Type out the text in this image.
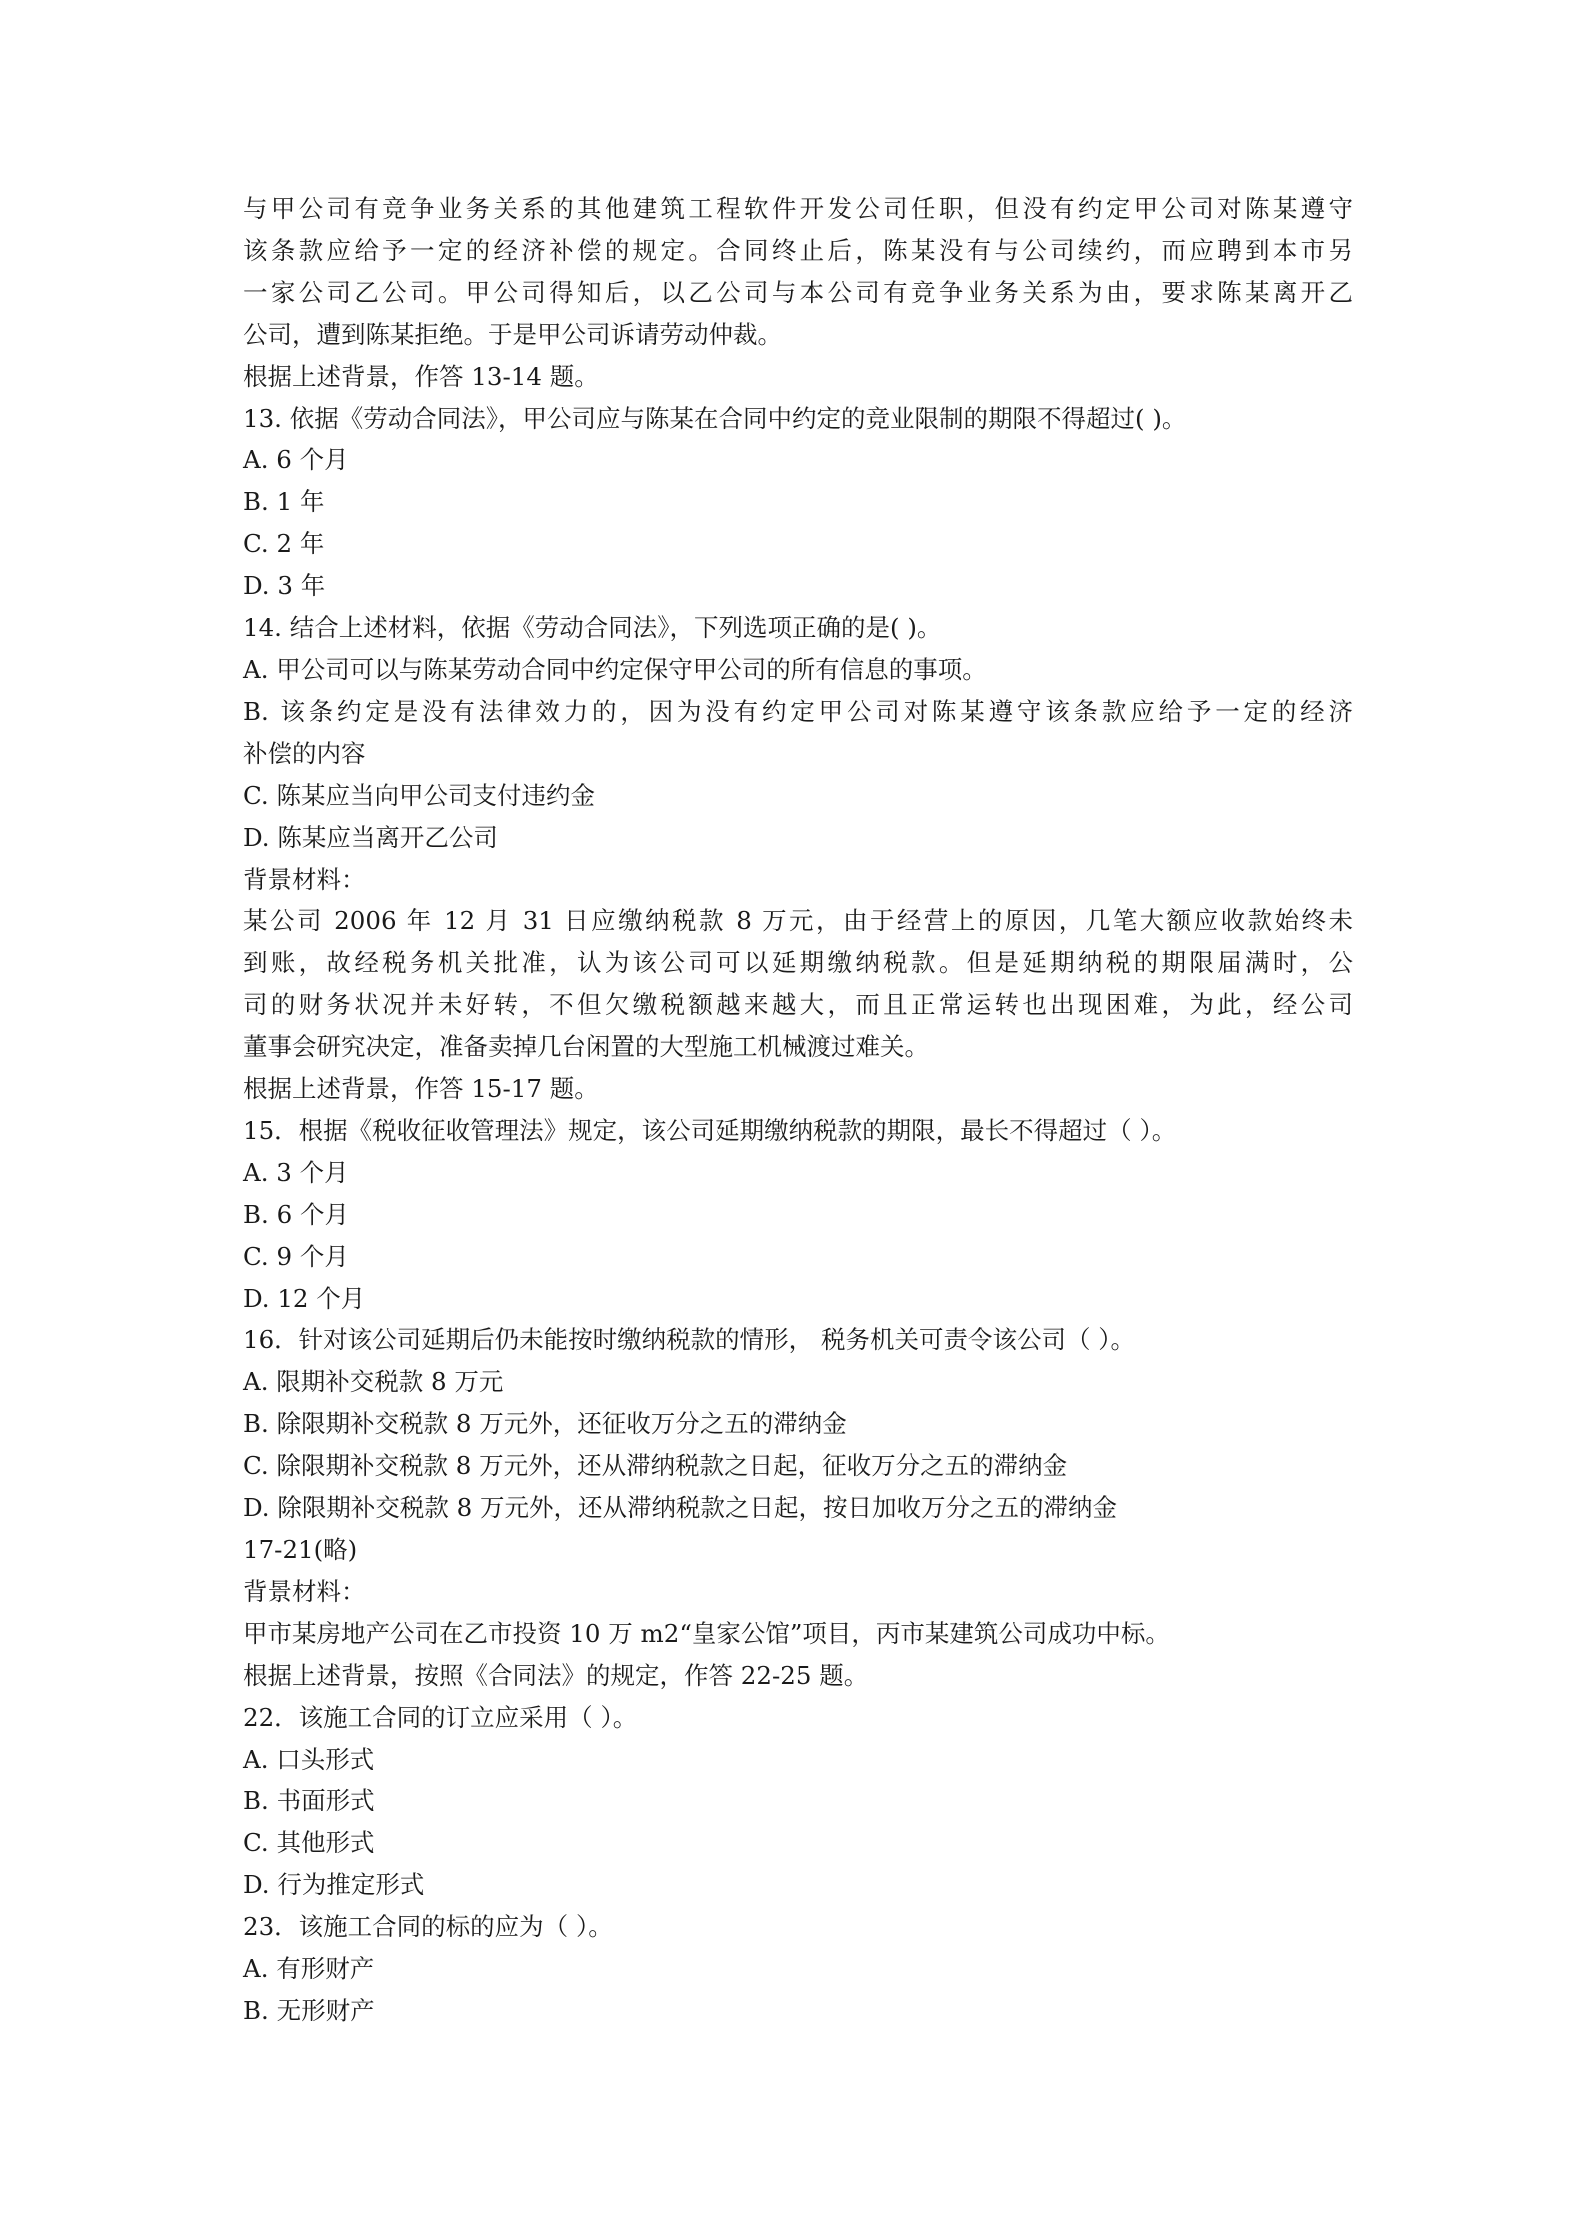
与甲公司有竞争业务关系的其他建筑工程软件开发公司任职，但没有约定甲公司对陈某遵守
该条款应给予一定的经济补偿的规定。合同终止后，陈某没有与公司续约，而应聘到本市另
一家公司乙公司。甲公司得知后，以乙公司与本公司有竞争业务关系为由，要求陈某离开乙
公司，遭到陈某拒绝。于是甲公司诉请劳动仲裁。
根据上述背景，作答 13-14 题。
13. 依据《劳动合同法》，甲公司应与陈某在合同中约定的竞业限制的期限不得超过( )。
A. 6 个月
B. 1 年
C. 2 年
D. 3 年
14. 结合上述材料，依据《劳动合同法》，下列选项正确的是( )。
A. 甲公司可以与陈某劳动合同中约定保守甲公司的所有信息的事项。
B. 该条约定是没有法律效力的，因为没有约定甲公司对陈某遵守该条款应给予一定的经济
补偿的内容
C. 陈某应当向甲公司支付违约金
D. 陈某应当离开乙公司
背景材料：
某公司 2006 年 12 月 31 日应缴纳税款 8 万元，由于经营上的原因，几笔大额应收款始终未
到账，故经税务机关批准，认为该公司可以延期缴纳税款。但是延期纳税的期限届满时，公
司的财务状况并未好转，不但欠缴税额越来越大，而且正常运转也出现困难，为此，经公司
董事会研究决定，准备卖掉几台闲置的大型施工机械渡过难关。
根据上述背景，作答 15-17 题。
15．根据《税收征收管理法》规定，该公司延期缴纳税款的期限，最长不得超过（ ）。
A. 3 个月
B. 6 个月
C. 9 个月
D. 12 个月
16．针对该公司延期后仍未能按时缴纳税款的情形， 税务机关可责令该公司（ ）。
A. 限期补交税款 8 万元
B. 除限期补交税款 8 万元外，还征收万分之五的滞纳金
C. 除限期补交税款 8 万元外，还从滞纳税款之日起，征收万分之五的滞纳金
D. 除限期补交税款 8 万元外，还从滞纳税款之日起，按日加收万分之五的滞纳金
17-21(略)
背景材料：
甲市某房地产公司在乙市投资 10 万 m2“皇家公馆”项目，丙市某建筑公司成功中标。
根据上述背景，按照《合同法》的规定，作答 22-25 题。
22．该施工合同的订立应采用（ ）。
A. 口头形式
B. 书面形式
C. 其他形式
D. 行为推定形式
23．该施工合同的标的应为（ ）。
A. 有形财产
B. 无形财产
